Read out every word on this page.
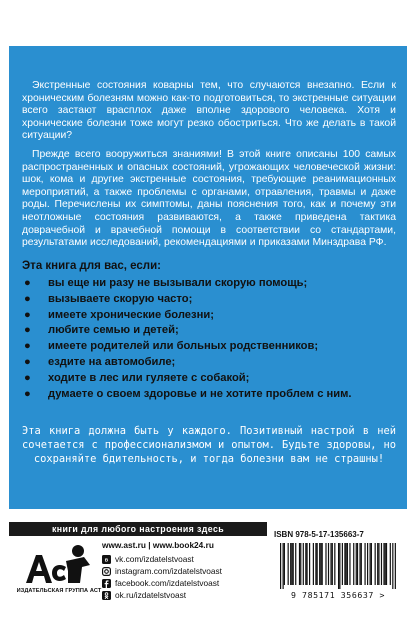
Экстренные состояния коварны тем, что случаются внезапно. Если к хроническим болезням можно как-то подготовиться, то экстренные ситуации всего застают врасплох даже вполне здорового человека. Хотя и хронические болезни тоже могут резко обостриться. Что же делать в такой ситуации?

Прежде всего вооружиться знаниями! В этой книге описаны 100 самых распространенных и опасных состояний, угрожающих человеческой жизни: шок, кома и другие экстренные состояния, требующие реанимационных мероприятий, а также проблемы с органами, отравления, травмы и даже роды. Перечислены их симптомы, даны пояснения того, как и почему эти неотложные состояния развиваются, а также приведена тактика доврачебной и врачебной помощи в соответствии со стандартами, результатами исследований, рекомендациями и приказами Минздрава РФ.

Эта книга для вас, если:
●	вы еще ни разу не вызывали скорую помощь;
●	вызываете скорую часто;
●	имеете хронические болезни;
●	любите семью и детей;
●	имеете родителей или больных родственников;
●	ездите на автомобиле;
●	ходите в лес или гуляете с собакой;
●	думаете о своем здоровье и не хотите проблем с ним.
Эта книга должна быть у каждого. Позитивный настрой в ней сочетается с профессионализмом и опытом. Будьте здоровы, но сохраняйте бдительность, и тогда болезни вам не страшны!
книги для любого настроения здесь
ИЗДАТЕЛЬСКАЯ ГРУППА АСТ
www.ast.ru | www.book24.ru
в vk.com/izdatelstvoast
instagram.com/izdatelstvoast
facebook.com/izdatelstvoast
ok.ru/izdatelstvoast
ISBN 978-5-17-135663-7
9 785171 356637 >
